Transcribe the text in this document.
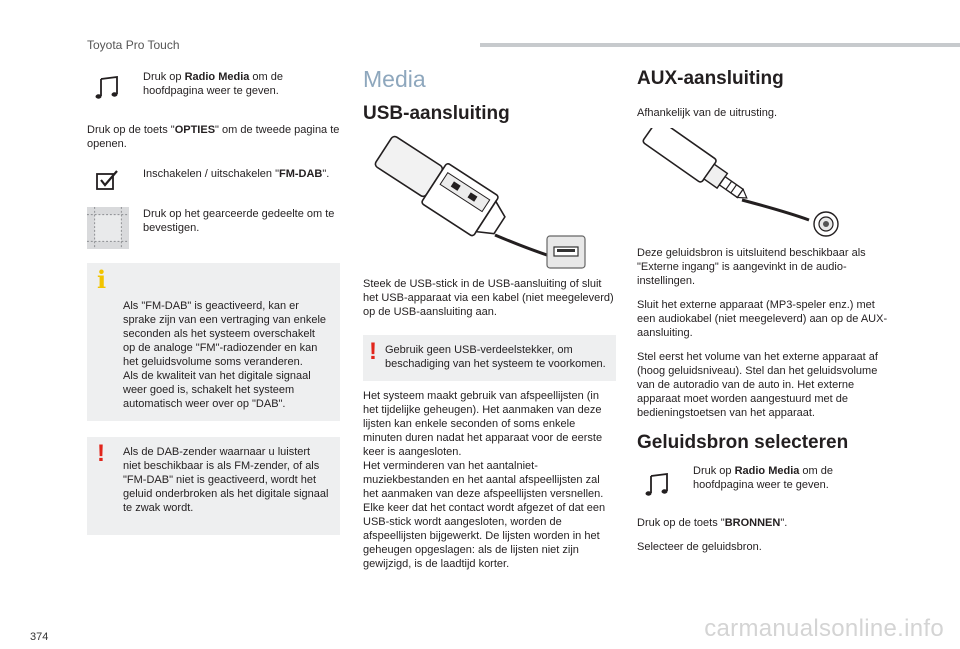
Toyota Pro Touch
Druk op Radio Media om de hoofdpagina weer te geven.

Druk op de toets "OPTIES" om de tweede pagina te openen.

Inschakelen / uitschakelen "FM-DAB".
Druk op het gearceerde gedeelte om te bevestigen.

i

Als "FM-DAB" is geactiveerd, kan er sprake zijn van een vertraging van enkele seconden als het systeem overschakelt op de analoge "FM"-radiozender en kan het geluidsvolume soms veranderen.
Als de kwaliteit van het digitale signaal weer goed is, schakelt het systeem automatisch weer over op "DAB".

! Als de DAB-zender waarnaar u luistert niet beschikbaar is als FM-zender, of als "FM-DAB" niet is geactiveerd, wordt het geluid onderbroken als het digitale signaal te zwak wordt.
Media
USB-aansluiting

Steek de USB-stick in de USB-aansluiting of sluit het USB-apparaat via een kabel (niet meegeleverd) op de USB-aansluiting aan.

! Gebruik geen USB-verdeelstekker, om beschadiging van het systeem te voorkomen.

Het systeem maakt gebruik van afspeellijsten (in het tijdelijke geheugen). Het aanmaken van deze lijsten kan enkele seconden of soms enkele minuten duren nadat het apparaat voor de eerste keer is aangesloten.
Het verminderen van het aantalniet-muziekbestanden en het aantal afspeellijsten zal het aanmaken van deze afspeellijsten versnellen.
Elke keer dat het contact wordt afgezet of dat een USB-stick wordt aangesloten, worden de afspeellijsten bijgewerkt. De lijsten worden in het geheugen opgeslagen: als de lijsten niet zijn gewijzigd, is de laadtijd korter.

AUX-aansluiting

Afhankelijk van de uitrusting.

Deze geluidsbron is uitsluitend beschikbaar als "Externe ingang" is aangevinkt in de audio-instellingen.

Sluit het externe apparaat (MP3-speler enz.) met een audiokabel (niet meegeleverd) aan op de AUX-aansluiting.

Stel eerst het volume van het externe apparaat af (hoog geluidsniveau). Stel dan het geluidsvolume van de autoradio van de auto in. Het externe apparaat moet worden aangestuurd met de bedieningstoetsen van het apparaat.

Geluidsbron selecteren
Druk op Radio Media om de hoofdpagina weer te geven.

Druk op de toets "BRONNEN".

Selecteer de geluidsbron.

374	carmanualsonline.info
